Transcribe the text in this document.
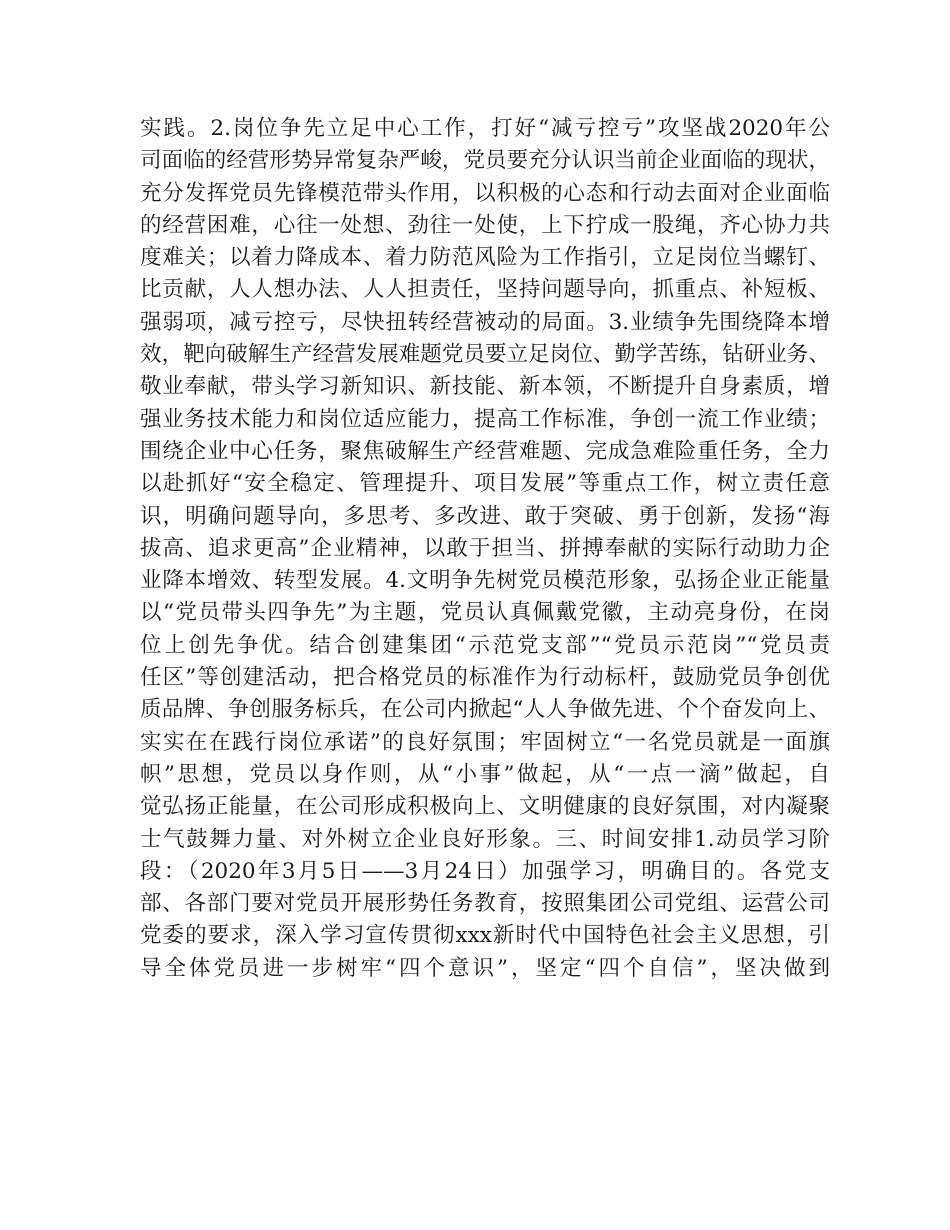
实践。2.岗位争先立足中心工作，打好“减亏控亏”攻坚战2020年公
司面临的经营形势异常复杂严峻，党员要充分认识当前企业面临的现状，
充分发挥党员先锋模范带头作用，以积极的心态和行动去面对企业面临
的经营困难，心往一处想、劲往一处使，上下拧成一股绳，齐心协力共
度难关；以着力降成本、着力防范风险为工作指引，立足岗位当螺钉、
比贡献，人人想办法、人人担责任，坚持问题导向，抓重点、补短板、
强弱项，减亏控亏，尽快扭转经营被动的局面。3.业绩争先围绕降本增
效，靶向破解生产经营发展难题党员要立足岗位、勤学苦练，钻研业务、
敬业奉献，带头学习新知识、新技能、新本领，不断提升自身素质，增
强业务技术能力和岗位适应能力，提高工作标准，争创一流工作业绩；
围绕企业中心任务，聚焦破解生产经营难题、完成急难险重任务，全力
以赴抓好“安全稳定、管理提升、项目发展”等重点工作，树立责任意
识，明确问题导向，多思考、多改进、敢于突破、勇于创新，发扬“海
拔高、追求更高”企业精神，以敢于担当、拼搏奉献的实际行动助力企
业降本增效、转型发展。4.文明争先树党员模范形象，弘扬企业正能量
以“党员带头四争先”为主题，党员认真佩戴党徽，主动亮身份，在岗
位上创先争优。结合创建集团“示范党支部”“党员示范岗”“党员责
任区”等创建活动，把合格党员的标准作为行动标杆，鼓励党员争创优
质品牌、争创服务标兵，在公司内掀起“人人争做先进、个个奋发向上、
实实在在践行岗位承诺”的良好氛围；牢固树立“一名党员就是一面旗
帜”思想，党员以身作则，从“小事”做起，从“一点一滴”做起，自
觉弘扬正能量，在公司形成积极向上、文明健康的良好氛围，对内凝聚
士气鼓舞力量、对外树立企业良好形象。三、时间安排1.动员学习阶
段：（2020年3月5日——3月24日）加强学习，明确目的。各党支
部、各部门要对党员开展形势任务教育，按照集团公司党组、运营公司
党委的要求，深入学习宣传贯彻xxx新时代中国特色社会主义思想，引
导全体党员进一步树牢“四个意识”，坚定“四个自信”，坚决做到
